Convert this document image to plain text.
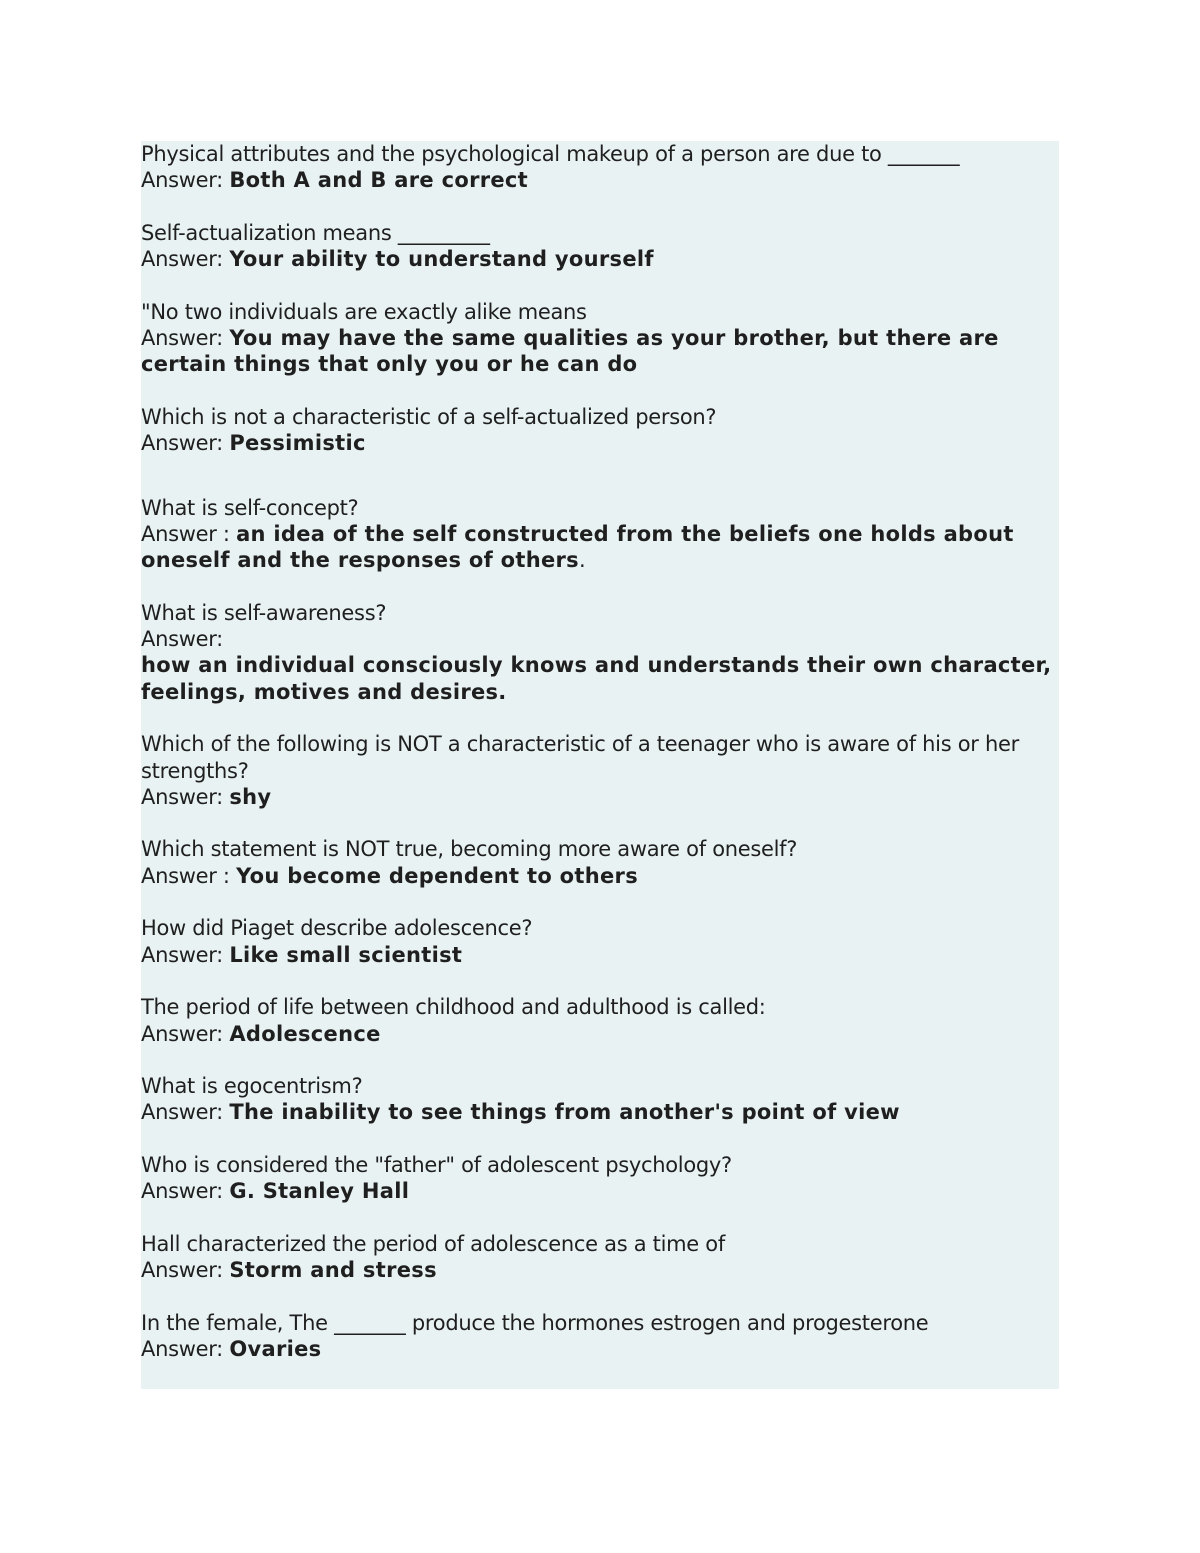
Physical attributes and the psychological makeup of a person are due to _______
Answer: Both A and B are correct
Self-actualization means _________
Answer: Your ability to understand yourself
"No two individuals are exactly alike means
Answer: You may have the same qualities as your brother, but there are certain things that only you or he can do
Which is not a characteristic of a self-actualized person?
Answer: Pessimistic
What is self-concept?
Answer : an idea of the self constructed from the beliefs one holds about oneself and the responses of others.
What is self-awareness?
Answer:
how an individual consciously knows and understands their own character, feelings, motives and desires.
Which of the following is NOT a characteristic of a teenager who is aware of his or her strengths?
Answer: shy
Which statement is NOT true, becoming more aware of oneself?
Answer : You become dependent to others
How did Piaget describe adolescence?
Answer: Like small scientist
The period of life between childhood and adulthood is called:
Answer: Adolescence
What is egocentrism?
Answer: The inability to see things from another's point of view
Who is considered the "father" of adolescent psychology?
Answer: G. Stanley Hall
Hall characterized the period of adolescence as a time of
Answer: Storm and stress
In the female, The _______ produce the hormones estrogen and progesterone
Answer: Ovaries
